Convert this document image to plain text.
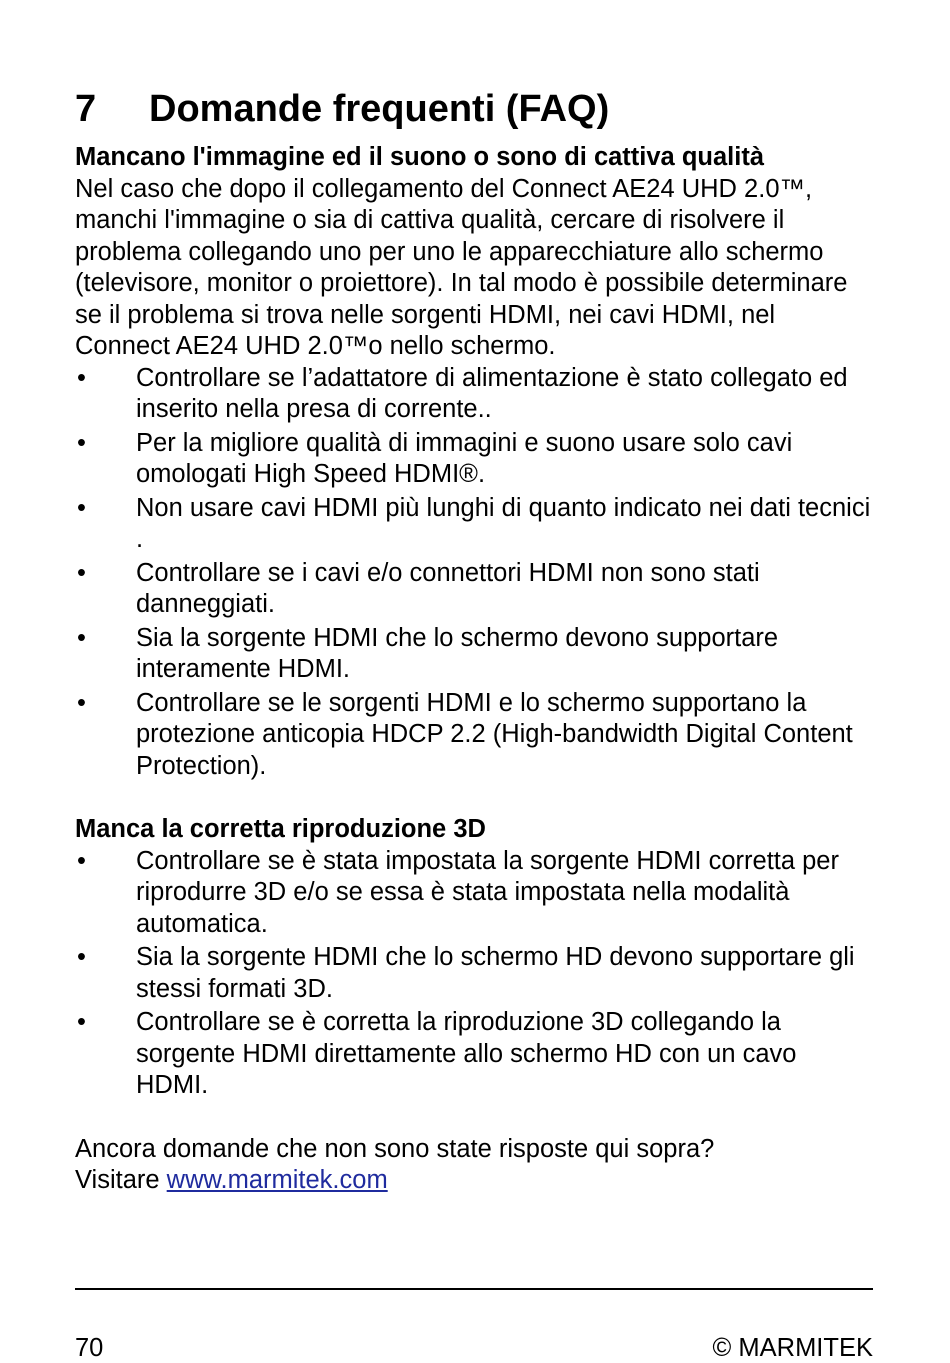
7 Domande frequenti (FAQ)

Mancano l'immagine ed il suono o sono di cattiva qualità

Nel caso che dopo il collegamento del Connect AE24 UHD 2.0™, manchi l'immagine o sia di cattiva qualità, cercare di risolvere il problema collegando uno per uno le apparecchiature allo schermo (televisore, monitor o proiettore). In tal modo è possibile determinare se il problema si trova nelle sorgenti HDMI, nei cavi HDMI, nel Connect AE24 UHD 2.0™o nello schermo.

•	Controllare se l’adattatore di alimentazione è stato collegato ed inserito nella presa di corrente..
•	Per la migliore qualità di immagini e suono usare solo cavi omologati High Speed HDMI®.
•	Non usare cavi HDMI più lunghi di quanto indicato nei dati tecnici .
•	Controllare se i cavi e/o connettori HDMI non sono stati danneggiati.
•	Sia la sorgente HDMI che lo schermo devono supportare interamente HDMI.
•	Controllare se le sorgenti HDMI e lo schermo supportano la protezione anticopia HDCP 2.2 (High-bandwidth Digital Content Protection).

Manca la corretta riproduzione 3D

•	Controllare se è stata impostata la sorgente HDMI corretta per riprodurre 3D e/o se essa è stata impostata nella modalità automatica.
•	Sia la sorgente HDMI che lo schermo HD devono supportare gli stessi formati 3D.
•	Controllare se è corretta la riproduzione 3D collegando la sorgente HDMI direttamente allo schermo HD con un cavo HDMI.

Ancora domande che non sono state risposte qui sopra?

Visitare www.marmitek.com

70	© MARMITEK
